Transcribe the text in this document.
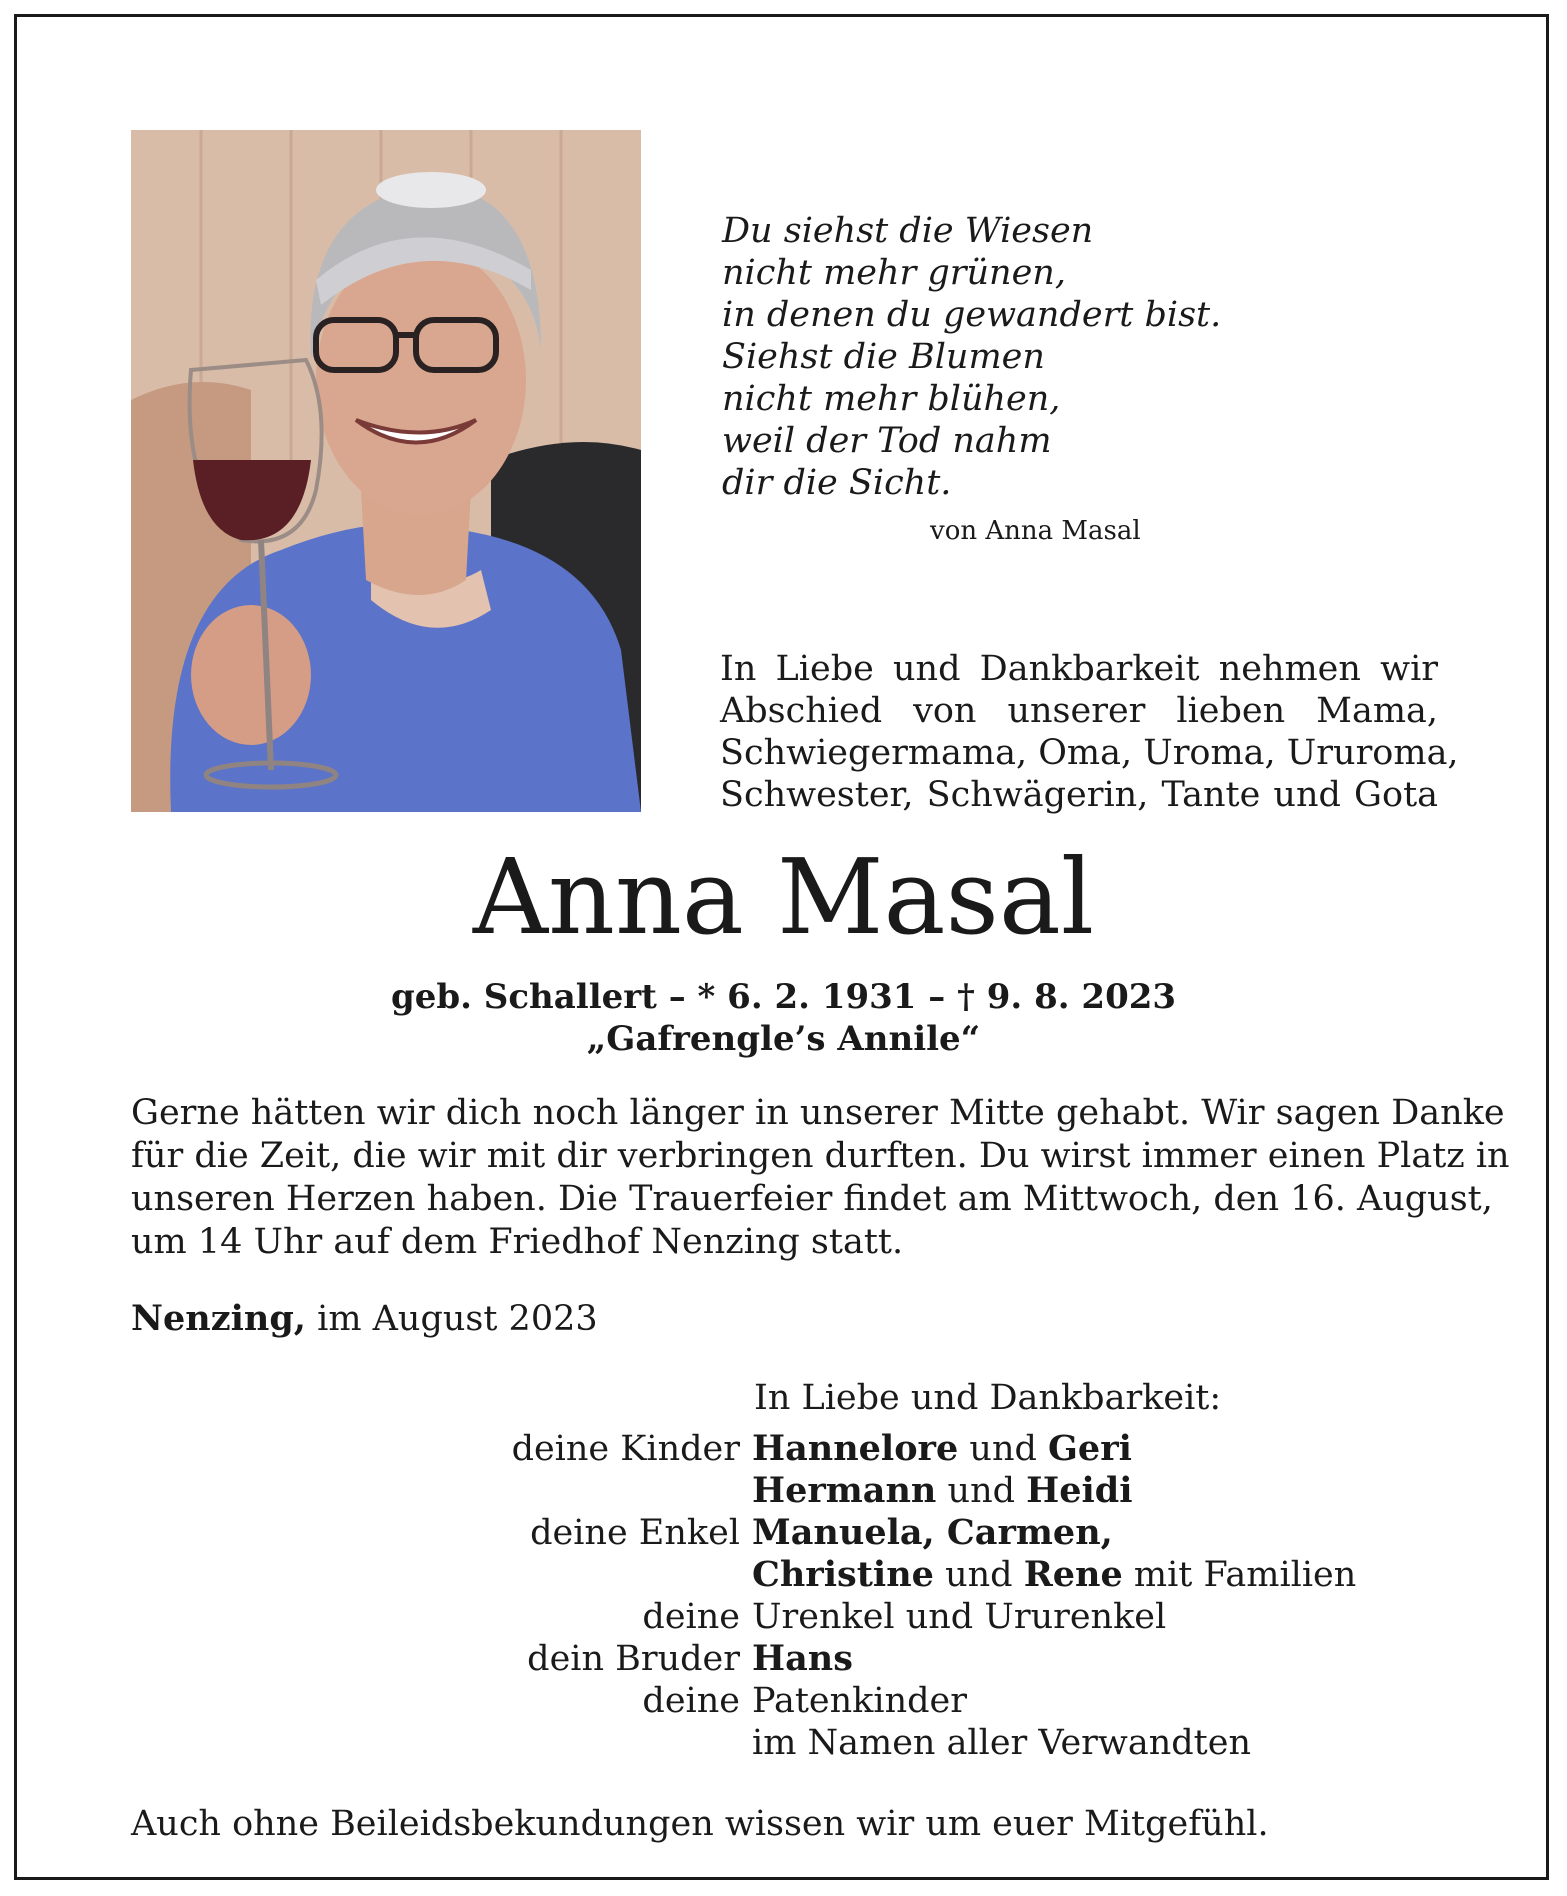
Du siehst die Wiesen
nicht mehr grünen,
in denen du gewandert bist.
Siehst die Blumen
nicht mehr blühen,
weil der Tod nahm
dir die Sicht.
von Anna Masal
In Liebe und Dankbarkeit nehmen wir
Abschied von unserer lieben Mama,
Schwiegermama, Oma, Uroma, Ururoma,
Schwester, Schwägerin, Tante und Gota
Anna Masal
geb. Schallert – * 6. 2. 1931 – † 9. 8. 2023
„Gafrengle’s Annile“
Gerne hätten wir dich noch länger in unserer Mitte gehabt. Wir sagen Danke
für die Zeit, die wir mit dir verbringen durften. Du wirst immer einen Platz in
unseren Herzen haben. Die Trauerfeier findet am Mittwoch, den 16. August,
um 14 Uhr auf dem Friedhof Nenzing statt.
Nenzing, im August 2023
In Liebe und Dankbarkeit:
deine Kinder Hannelore und Geri
Hermann und Heidi
deine Enkel Manuela, Carmen,
Christine und Rene mit Familien
deine Urenkel und Ururenkel
dein Bruder Hans
deine Patenkinder
im Namen aller Verwandten
Auch ohne Beileidsbekundungen wissen wir um euer Mitgefühl.
